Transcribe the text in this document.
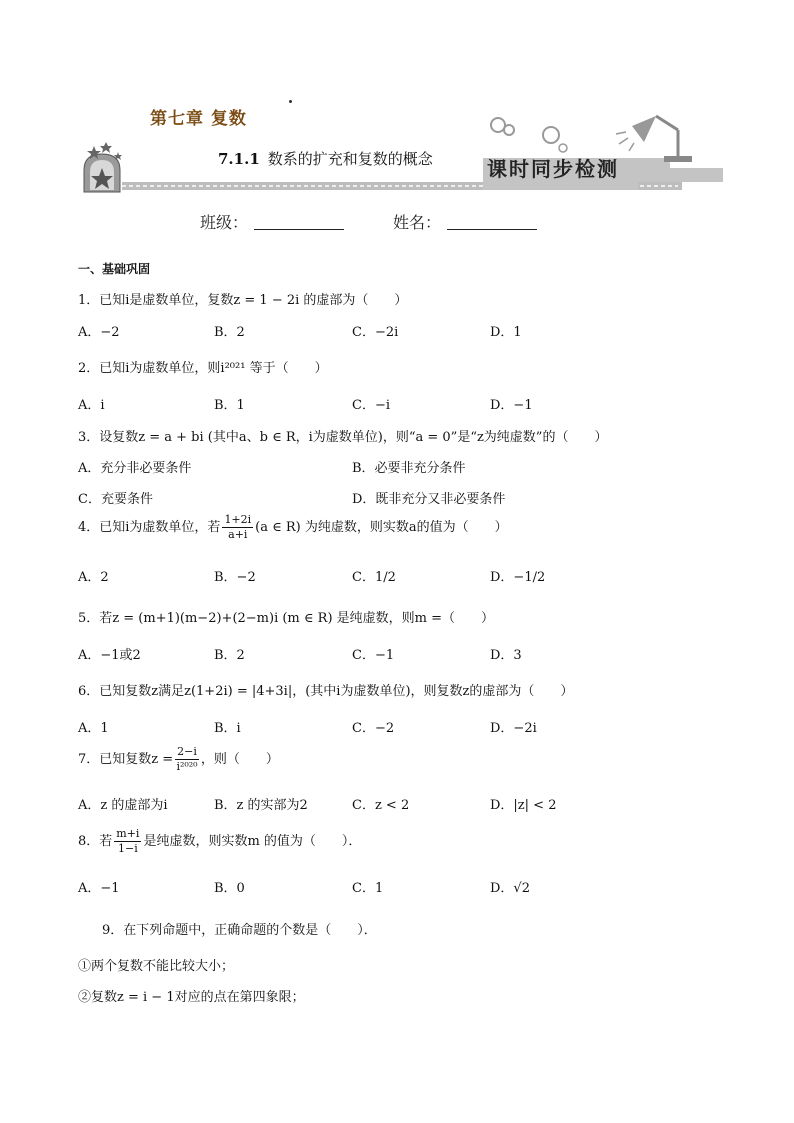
第七章 复数
7.1.1 数系的扩充和复数的概念	课时同步检测
班级：	姓名：
一、基础巩固
1．已知i是虚数单位，复数z = 1 − 2i 的虚部为（　　）
A．−2	B．2	C．−2i	D．1
2．已知i为虚数单位，则i²⁰²¹ 等于（　　）
A．i	B．1	C．−i	D．−1
3．设复数z = a + bi (其中a、b ∈ R，i为虚数单位)，则“a = 0”是“z为纯虚数”的（　　）
A．充分非必要条件	B．必要非充分条件
C．充要条件	D．既非充分又非必要条件
4．已知i为虚数单位，若 $\frac{1+2i}{a+i} (a$ ∈ R) 为纯虚数，则实数a的值为（　　）
A．2	B．−2	C．1/2	D．−1/2
5．若z = (m+1)(m−2)+(2−m)i (m ∈ R) 是纯虚数，则m =（　　）
A．−1或2	B．2	C．−1	D．3
6．已知复数z满足z(1+2i) = |4+3i|，(其中i为虚数单位)，则复数z的虚部为（　　）
A．1	B．i	C．−2	D．−2i
7．已知复数$z = \frac{2-i}{\text{i²⁰²⁰}}$ ，则（　　）
A．z 的虚部为i	B．z 的实部为2	C．z < 2	D．|z| < 2
8．若 $\frac{m+i}{1-i}$ 是纯虚数，则实数m 的值为（　　）．
A．−1	B．0	C．1	D．√2
9．在下列命题中，正确命题的个数是（　　）．
①两个复数不能比较大小；
②复数z = i − 1对应的点在第四象限；
